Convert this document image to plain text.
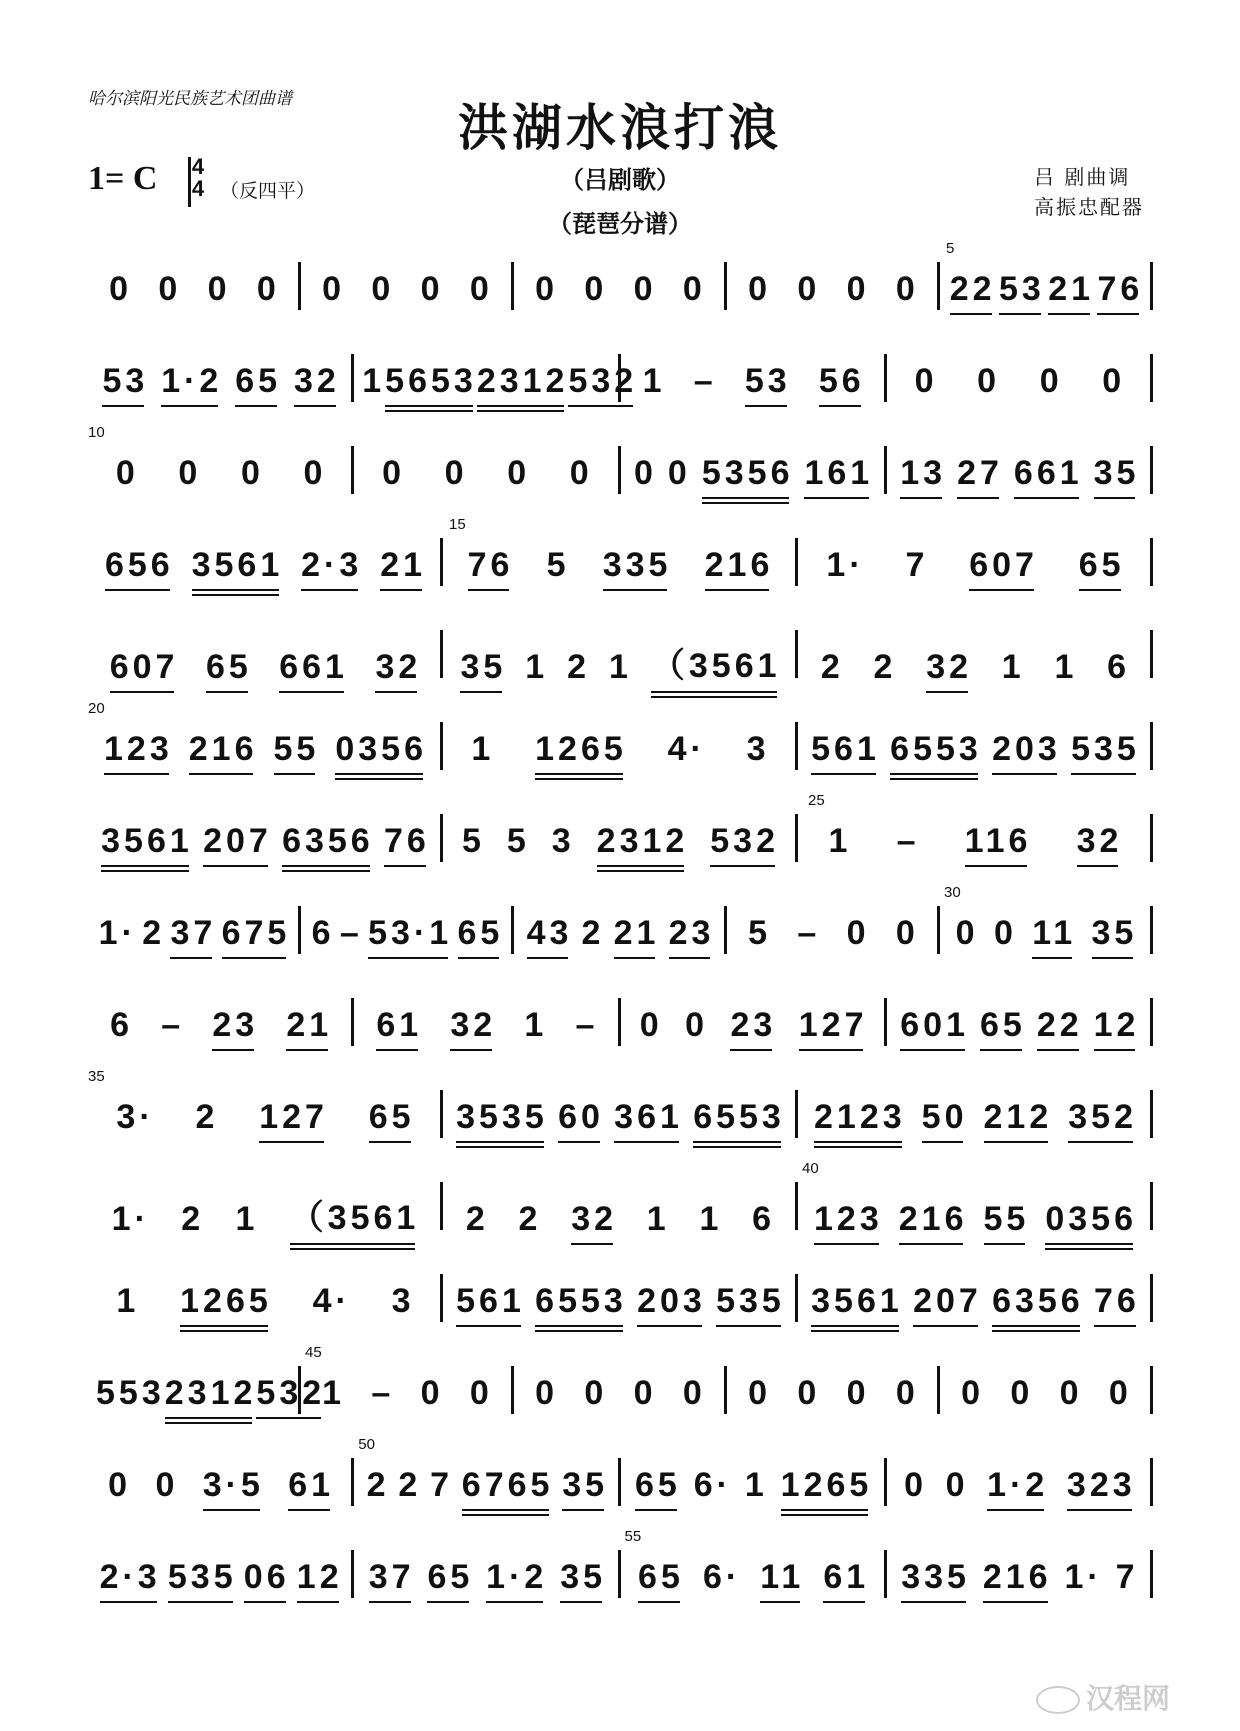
哈尔滨阳光民族艺术团曲谱	洪湖水浪打浪
1= C 4
4 （反四平）	（吕剧歌）
（琵琶分谱）
吕 剧曲调
高振忠配器
5
0 0 0 0 0 0 0 0 0 0 0 0 0 0 0 0 22 53 21 76
53 1·2 65 32 1 5653 2312 532 1 – 53 56 0 0 0 0
10
0 0 0 0 0 0 0 0 0 0 5356 161 13 27 661 35
15
656 3561 2·3 21 76 5 335 216 1· 7 607 65
607 65 661 32 35 1 2 1 （3561 2 2 32 1 1 6
20
123 216 55 0356 1 1265 4· 3 561 6553 203 535
25
3561 207 6356 76 5 5 3 2312 532 1 – 116 32
30
1· 2 37 675 6 – 53·1 65 43 2 21 23 5 – 0 0 0 0 11 35
6 – 23 21 61 32 1 – 0 0 23 127 601 65 22 12
35
3· 2 127 65 3535 60 361 6553 2123 50 212 352
40
1· 2 1 （3561 2 2 32 1 1 6 123 216 55 0356
1 1265 4· 3 561 6553 203 535 3561 207 6356 76
45
5 5 3 2312 532
1 – 0 0 0 0 0 0 0 0 0 0 0 0 0 0
50
0 0 3·5 61 2 2 7 6765 35 65 6· 1 1265 0 0 1·2 323
55
2·3 535 06 12 37 65 1·2 35 65 6· 11 61 335 216 1· 7
汉程网
